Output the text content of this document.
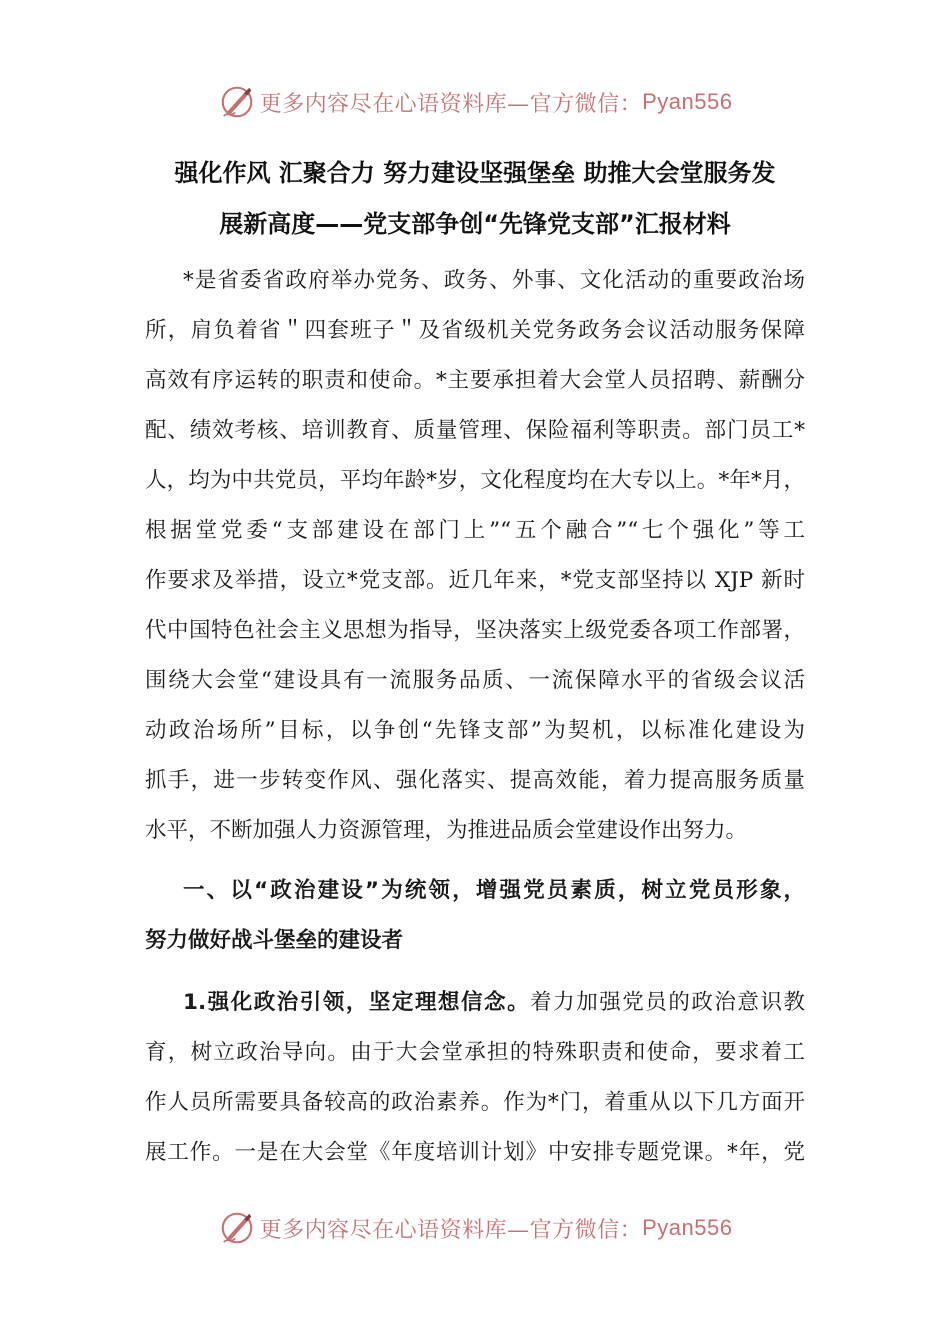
更多内容尽在心语资料库—官方微信： Pyan556
强化作风 汇聚合力 努力建设坚强堡垒 助推大会堂服务发
展新高度——党支部争创“先锋党支部”汇报材料
*是省委省政府举办党务、政务、外事、文化活动的重要政治场
所，肩负着省＂四套班子＂及省级机关党务政务会议活动服务保障
高效有序运转的职责和使命。*主要承担着大会堂人员招聘、薪酬分
配、绩效考核、培训教育、质量管理、保险福利等职责。部门员工*
人，均为中共党员，平均年龄*岁，文化程度均在大专以上。*年*月，
根据堂党委“支部建设在部门上”“五个融合”“七个强化”等工
作要求及举措，设立*党支部。近几年来，*党支部坚持以 XJP 新时
代中国特色社会主义思想为指导，坚决落实上级党委各项工作部署，
围绕大会堂“建设具有一流服务品质、一流保障水平的省级会议活
动政治场所”目标，以争创“先锋支部”为契机，以标准化建设为
抓手，进一步转变作风、强化落实、提高效能，着力提高服务质量
水平，不断加强人力资源管理，为推进品质会堂建设作出努力。
一、以“政治建设”为统领，增强党员素质，树立党员形象，
努力做好战斗堡垒的建设者
1.强化政治引领，坚定理想信念。着力加强党员的政治意识教
育，树立政治导向。由于大会堂承担的特殊职责和使命，要求着工
作人员所需要具备较高的政治素养。作为*门，着重从以下几方面开
展工作。一是在大会堂《年度培训计划》中安排专题党课。*年，党
更多内容尽在心语资料库—官方微信： Pyan556
